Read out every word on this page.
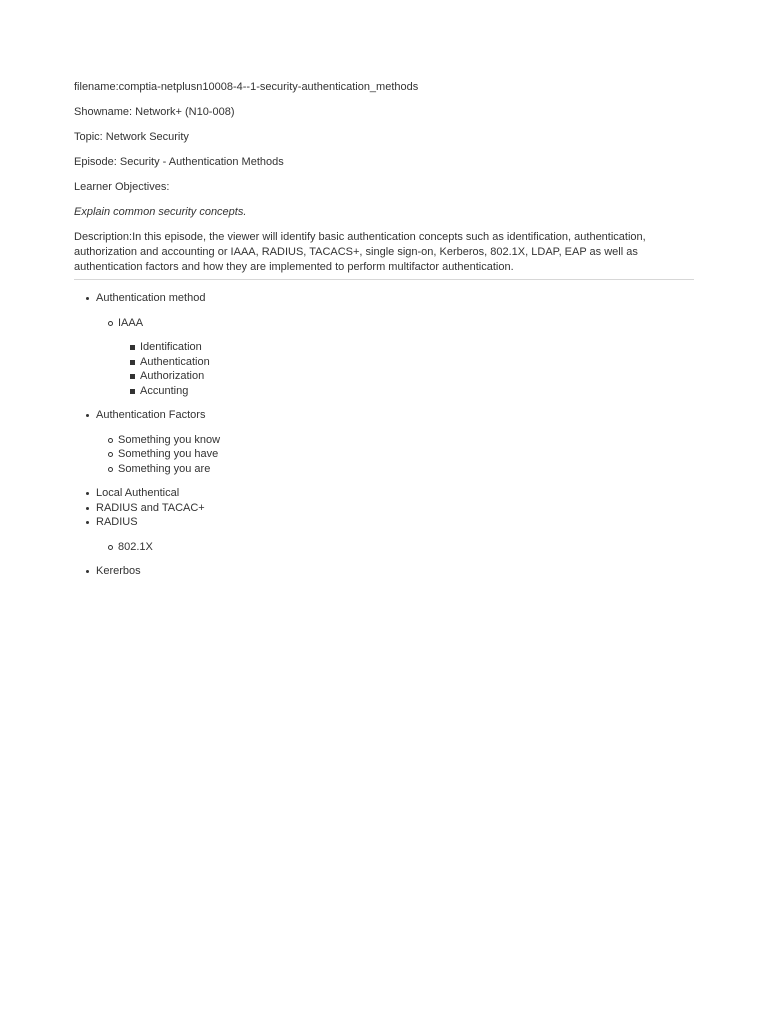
filename:comptia-netplusn10008-4--1-security-authentication_methods

Showname: Network+ (N10-008)

Topic: Network Security

Episode: Security - Authentication Methods

Learner Objectives:

Explain common security concepts.

Description:In this episode, the viewer will identify basic authentication concepts such as identification, authentication, authorization and accounting or IAAA, RADIUS, TACACS+, single sign-on, Kerberos, 802.1X, LDAP, EAP as well as authentication factors and how they are implemented to perform multifactor authentication.

Authentication method
IAAA
Identification
Authentication
Authorization
Accunting
Authentication Factors
Something you know
Something you have
Something you are
Local Authentical
RADIUS and TACAC+
RADIUS
802.1X
Kererbos
